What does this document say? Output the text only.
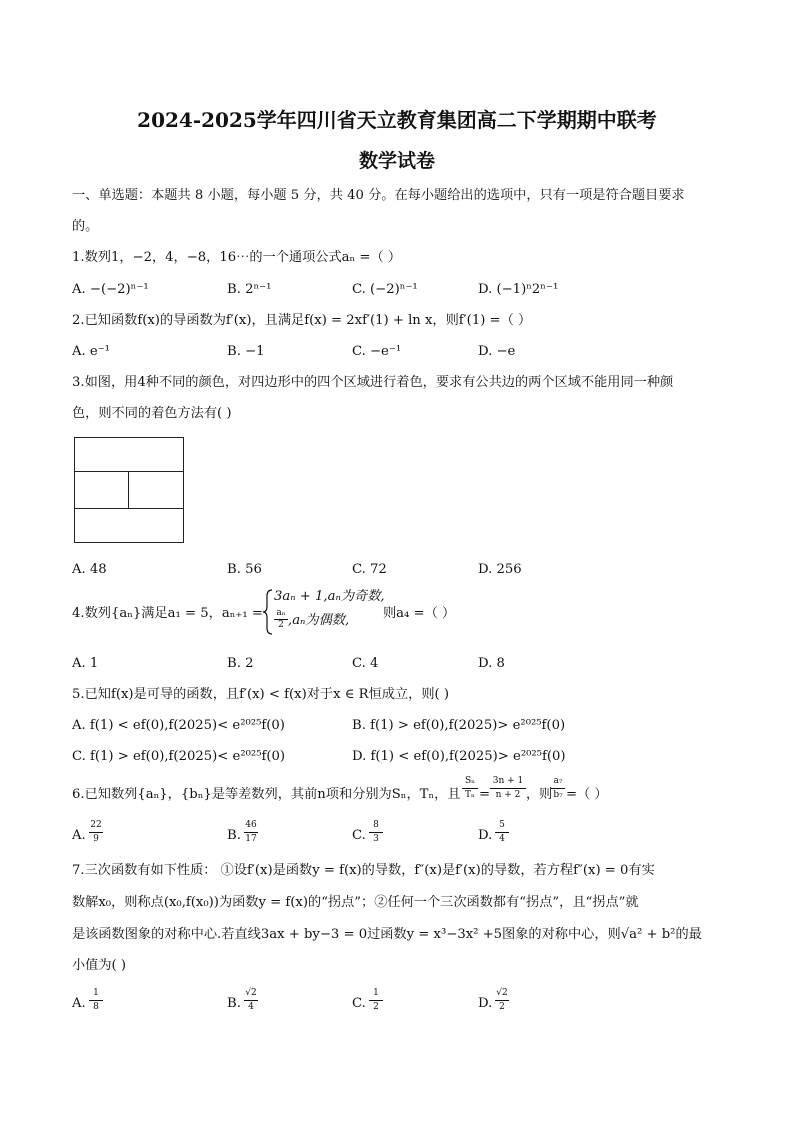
2024-2025学年四川省天立教育集团高二下学期期中联考
数学试卷
一、单选题：本题共 8 小题，每小题 5 分，共 40 分。在每小题给出的选项中，只有一项是符合题目要求
的。
1.数列1，−2，4，−8，16⋯的一个通项公式aₙ =（ ）
A. −(−2)ⁿ⁻¹	B. 2ⁿ⁻¹	C. (−2)ⁿ⁻¹	D. (−1)ⁿ2ⁿ⁻¹
2.已知函数f(x)的导函数为f′(x)，且满足f(x) = 2xf′(1) + ln x，则f′(1) =（ ）
A. e⁻¹	B. −1	C. −e⁻¹	D. −e
3.如图，用4种不同的颜色，对四边形中的四个区域进行着色，要求有公共边的两个区域不能用同一种颜
色，则不同的着色方法有( )
A. 48	B. 56	C. 72	D. 256
4.数列{aₙ}满足a₁ = 5，aₙ₊₁ =
3aₙ + 1,aₙ为奇数,
aₙ
2 ,aₙ为偶数,	则a₄ =（ ）
A. 1	B. 2	C. 4	D. 8
5.已知f(x)是可导的函数，且f′(x) < f(x)对于x ∈ R恒成立，则( )
A. f(1) < ef(0),f(2025)< e²⁰²⁵f(0)	B. f(1) > ef(0),f(2025)> e²⁰²⁵f(0)
C. f(1) > ef(0),f(2025)< e²⁰²⁵f(0)	D. f(1) < ef(0),f(2025)> e²⁰²⁵f(0)
6.已知数列{aₙ}，{bₙ}是等差数列，其前n项和分别为Sₙ，Tₙ，且
Sₙ
Tₙ =
3n + 1
n + 2 ，则
a₇
b₇ =（ ）
A.
22
9	B.
46
17	C.
8
3	D.
5
4
7.三次函数有如下性质： ①设f′(x)是函数y = f(x)的导数，f″(x)是f′(x)的导数，若方程f″(x) = 0有实
数解x₀，则称点(x₀,f(x₀))为函数y = f(x)的“拐点”；②任何一个三次函数都有“拐点”，且“拐点”就
是该函数图象的对称中心.若直线3ax + by−3 = 0过函数y = x³−3x² +5图象的对称中心，则√a² + b²的最
小值为( )
A.
1
8	B.
√2
4	C.
1
2	D.
√2
2
